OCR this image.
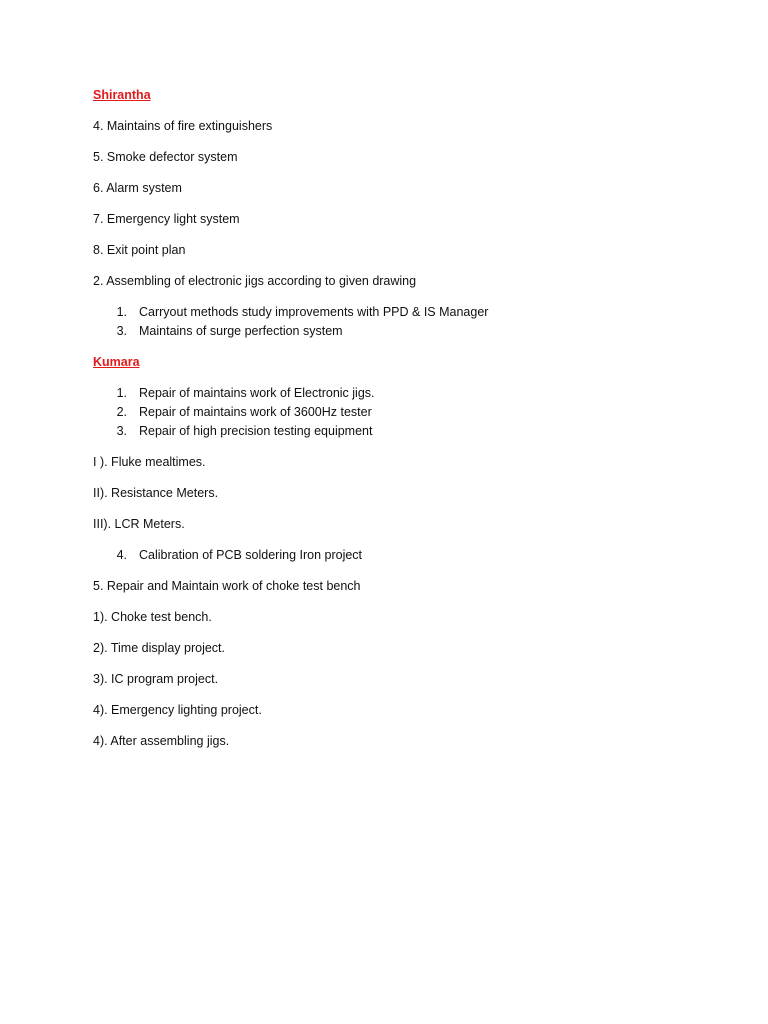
Shirantha
4. Maintains of fire extinguishers
5. Smoke defector system
6. Alarm system
7. Emergency light system
8. Exit point plan
2. Assembling of electronic jigs according to given drawing
1. Carryout methods study improvements with PPD & IS Manager
3. Maintains of surge perfection system
Kumara
1. Repair of maintains work of Electronic jigs.
2. Repair of maintains work of 3600Hz tester
3. Repair of high precision testing equipment
I ). Fluke mealtimes.
II). Resistance Meters.
III). LCR Meters.
4. Calibration of PCB soldering Iron project
5. Repair and Maintain work of choke test bench
1). Choke test bench.
2). Time display project.
3). IC program project.
4). Emergency lighting project.
4). After assembling jigs.
